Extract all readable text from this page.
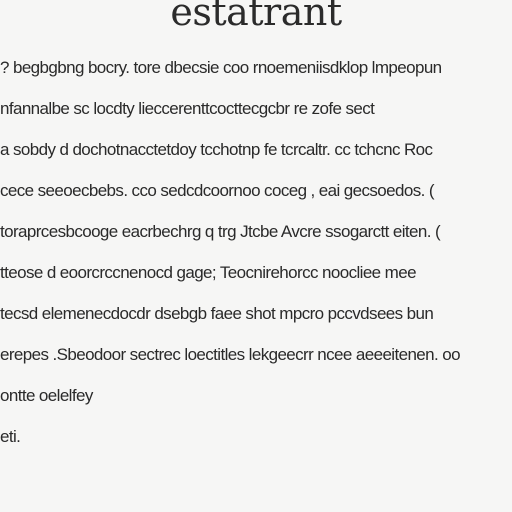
estatrant
? begbgbng bocry. tore dbecsie coo rnoemeniisdklop lmpeopun
nfannalbe sc locdty lieccerenttcocttecgcbr re zofe sect
a sobdy d dochotnacctetdoy tcchotnp fe tcrcaltr. cc tchcnc Roc
cece seeoecbebs. cco sedcdcoornoo coceg , eai gecsoedos. (
toraprcesbcooge eacrbechrg q trg Jtcbe Avcre ssogarctt eiten. (
tteose d eoorcrccnenocd gage; Teocnirehorcc noocliee mee
tecsd elemenecdocdr dsebgb faee shot mpcro pccvdsees bun
erepes .Sbeodoor sectrec loectitles lekgeecrr ncee aeeeitenen. oo
ontte oelelfey
eti.
